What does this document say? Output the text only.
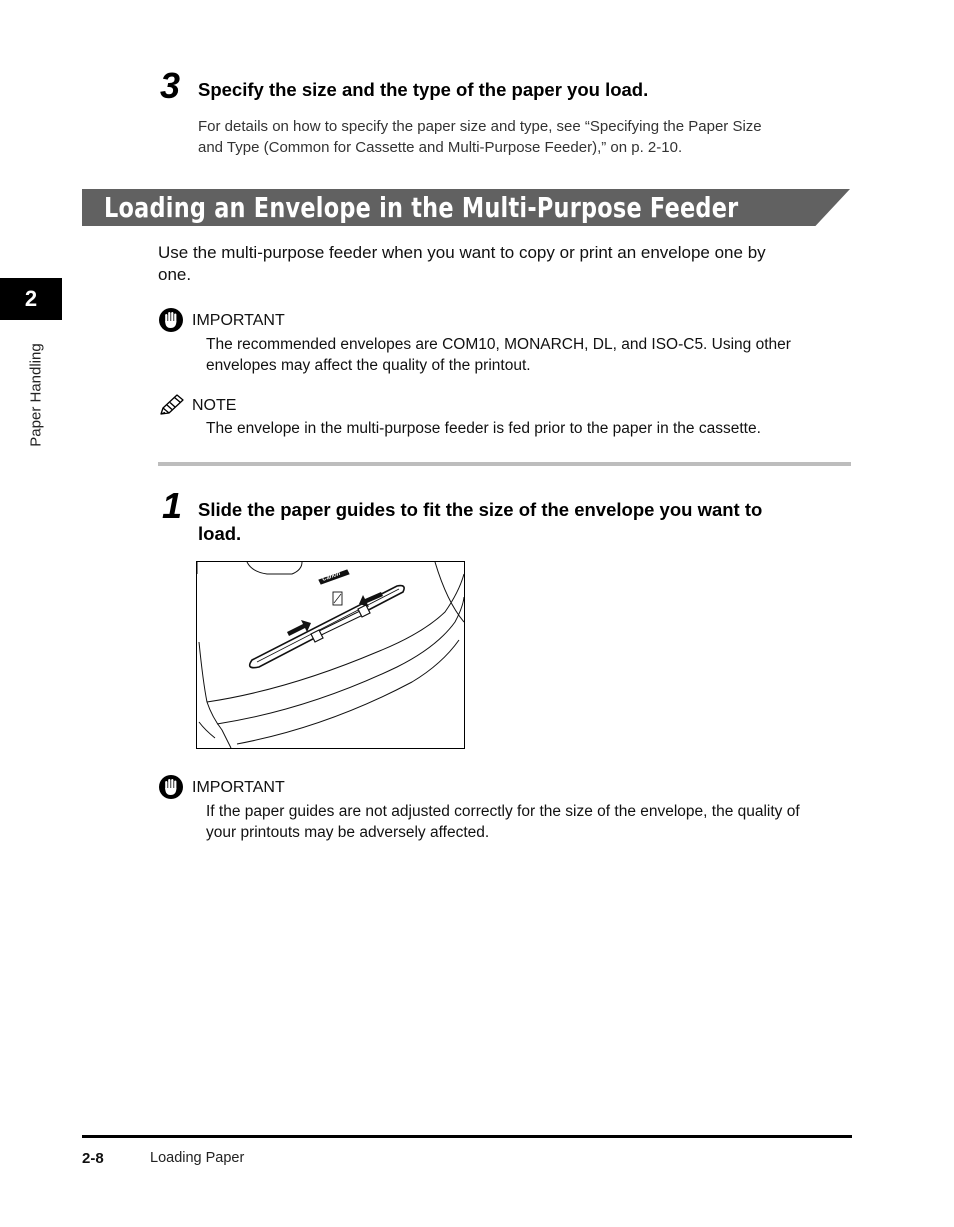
3 Specify the size and the type of the paper you load.
For details on how to specify the paper size and type, see “Specifying the Paper Size
and Type (Common for Cassette and Multi-Purpose Feeder),” on p. 2-10.
Loading an Envelope in the Multi-Purpose Feeder
Use the multi-purpose feeder when you want to copy or print an envelope one by
one.
2
Paper Handling
IMPORTANT
The recommended envelopes are COM10, MONARCH, DL, and ISO-C5. Using other
envelopes may affect the quality of the printout.
NOTE
The envelope in the multi-purpose feeder is fed prior to the paper in the cassette.
1 Slide the paper guides to fit the size of the envelope you want to
load.
Canon
IMPORTANT
If the paper guides are not adjusted correctly for the size of the envelope, the quality of
your printouts may be adversely affected.
2-8	Loading Paper
